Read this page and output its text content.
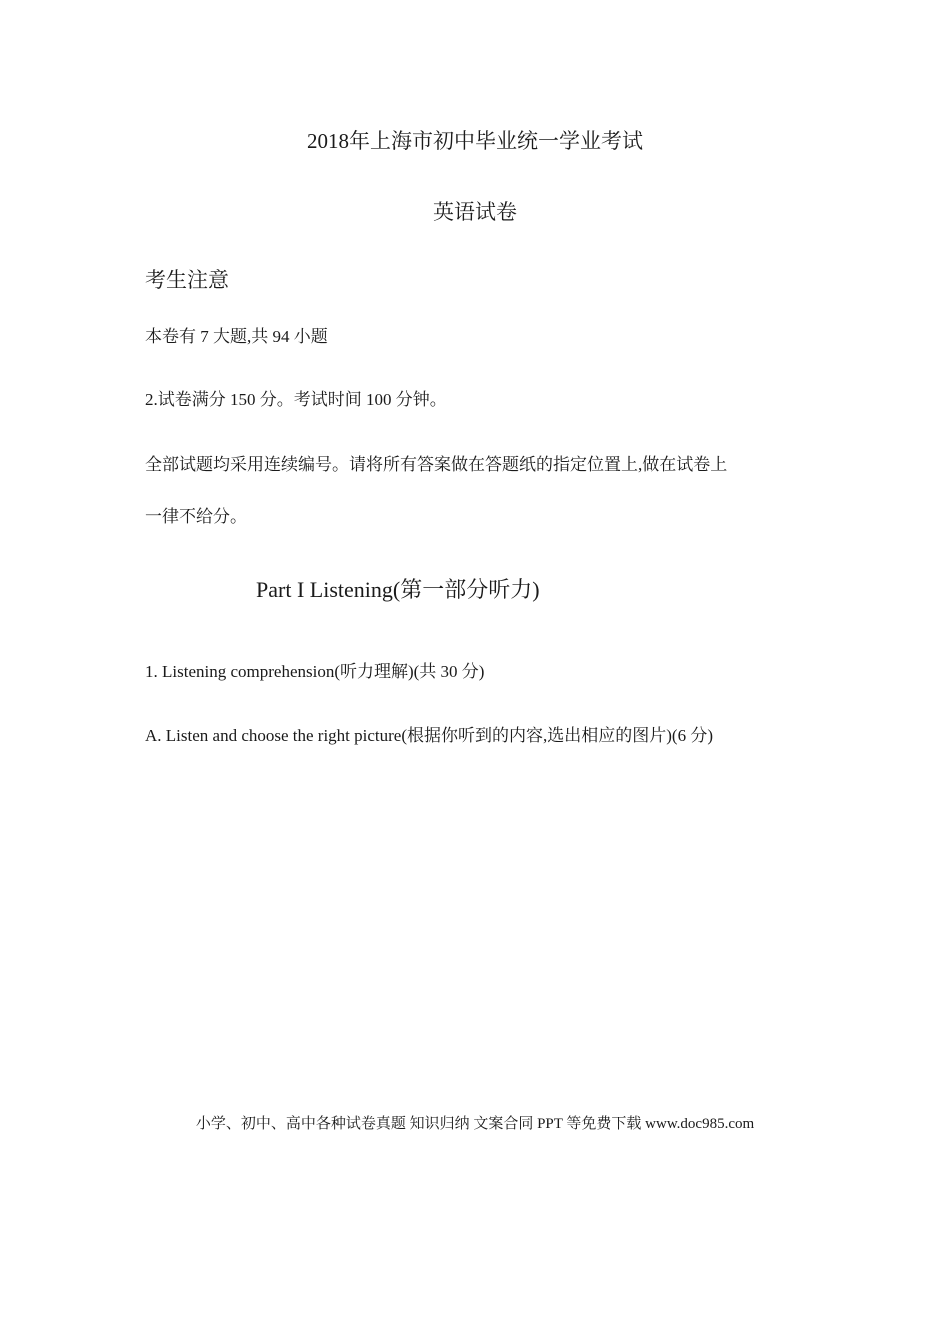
2018年上海市初中毕业统一学业考试
英语试卷
考生注意
本卷有 7 大题,共 94 小题
2.试卷满分 150 分。考试时间 100 分钟。
全部试题均采用连续编号。请将所有答案做在答题纸的指定位置上,做在试卷上
一律不给分。
Part I Listening(第一部分听力)
1. Listening comprehension(听力理解)(共 30 分)
A. Listen and choose the right picture(根据你听到的内容,选出相应的图片)(6 分)
小学、初中、高中各种试卷真题 知识归纳 文案合同 PPT 等免费下载 www.doc985.com
